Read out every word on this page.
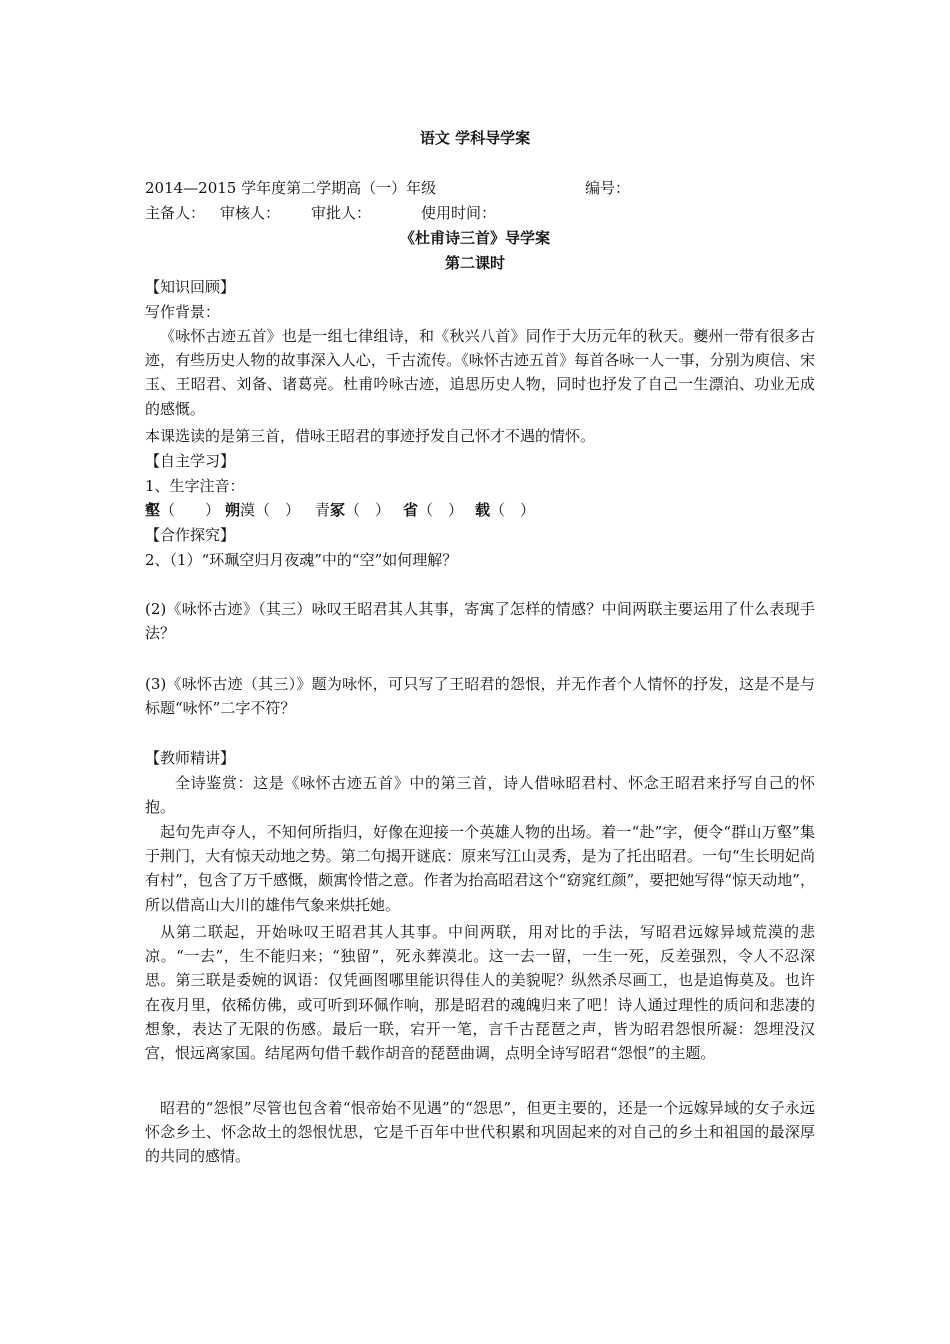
语文 学科导学案
2014—2015 学年度第二学期高（一）年级	编号：
主备人： 审核人： 审批人：	使用时间：
《杜甫诗三首》导学案
第二课时
【知识回顾】
写作背景：
《咏怀古迹五首》也是一组七律组诗，和《秋兴八首》同作于大历元年的秋天。夔州一带有很多古迹，有些历史人物的故事深入人心，千古流传。《咏怀古迹五首》每首各咏一人一事，分别为庾信、宋玉、王昭君、刘备、诸葛亮。杜甫吟咏古迹，追思历史人物，同时也抒发了自己一生漂泊、功业无成的感慨。
本课选读的是第三首，借咏王昭君的事迹抒发自己怀才不遇的情怀。
【自主学习】
1、生字注音：
壑（　　） 朔漠（　） 青冢（　） 省（　） 载（　）
【合作探究】
2、（1）“环珮空归月夜魂”中的“空”如何理解？
(2)《咏怀古迹》（其三）咏叹王昭君其人其事，寄寓了怎样的情感？中间两联主要运用了什么表现手法？
(3)《咏怀古迹（其三）》题为咏怀，可只写了王昭君的怨恨，并无作者个人情怀的抒发，这是不是与标题“咏怀”二字不符？
【教师精讲】
全诗鉴赏：这是《咏怀古迹五首》中的第三首，诗人借咏昭君村、怀念王昭君来抒写自己的怀抱。
起句先声夺人，不知何所指归，好像在迎接一个英雄人物的出场。着一“赴”字，便令“群山万壑”集于荆门，大有惊天动地之势。第二句揭开谜底：原来写江山灵秀，是为了托出昭君。一句“生长明妃尚有村”，包含了万千感慨，颇寓怜惜之意。作者为抬高昭君这个“窈窕红颜”，要把她写得“惊天动地”，所以借高山大川的雄伟气象来烘托她。
从第二联起，开始咏叹王昭君其人其事。中间两联，用对比的手法，写昭君远嫁异域荒漠的悲凉。“一去”，生不能归来；“独留”，死永葬漠北。这一去一留，一生一死，反差强烈，令人不忍深思。第三联是委婉的讽语：仅凭画图哪里能识得佳人的美貌呢？纵然杀尽画工，也是追悔莫及。也许在夜月里，依稀仿佛，或可听到环佩作响，那是昭君的魂魄归来了吧！诗人通过理性的质问和悲凄的想象，表达了无限的伤感。最后一联，宕开一笔，言千古琵琶之声，皆为昭君怨恨所凝：怨埋没汉宫，恨远离家国。结尾两句借千载作胡音的琵琶曲调，点明全诗写昭君“怨恨”的主题。
昭君的“怨恨”尽管也包含着“恨帝始不见遇”的“怨思”，但更主要的，还是一个远嫁异域的女子永远怀念乡土、怀念故土的怨恨忧思，它是千百年中世代积累和巩固起来的对自己的乡土和祖国的最深厚的共同的感情。
